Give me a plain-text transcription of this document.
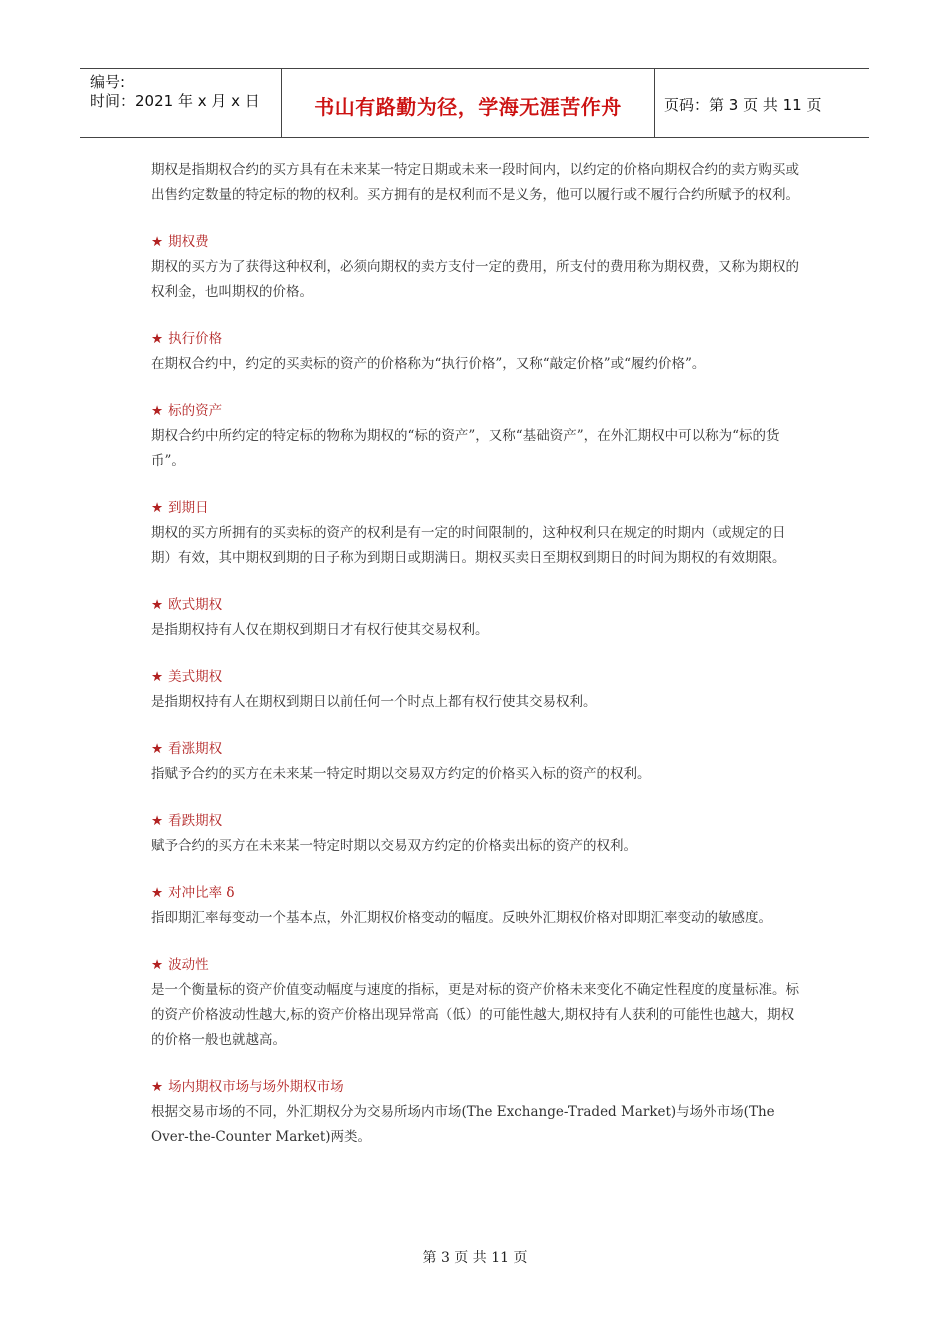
编号:
时间：2021 年 x 月 x 日	书山有路勤为径，学海无涯苦作舟	页码：第 3 页 共 11 页

期权是指期权合约的买方具有在未来某一特定日期或未来一段时间内，以约定的价格向期权合约的卖方购买或出售约定数量的特定标的物的权利。买方拥有的是权利而不是义务，他可以履行或不履行合约所赋予的权利。

★ 期权费

期权的买方为了获得这种权利，必须向期权的卖方支付一定的费用，所支付的费用称为期权费，又称为期权的权利金，也叫期权的价格。

★ 执行价格

在期权合约中，约定的买卖标的资产的价格称为“执行价格”，又称“敲定价格”或“履约价格”。

★ 标的资产

期权合约中所约定的特定标的物称为期权的“标的资产”，又称“基础资产”，在外汇期权中可以称为“标的货币”。

★ 到期日

期权的买方所拥有的买卖标的资产的权利是有一定的时间限制的，这种权利只在规定的时期内（或规定的日期）有效，其中期权到期的日子称为到期日或期满日。期权买卖日至期权到期日的时间为期权的有效期限。

★ 欧式期权

是指期权持有人仅在期权到期日才有权行使其交易权利。

★ 美式期权

是指期权持有人在期权到期日以前任何一个时点上都有权行使其交易权利。

★ 看涨期权

指赋予合约的买方在未来某一特定时期以交易双方约定的价格买入标的资产的权利。

★ 看跌期权

赋予合约的买方在未来某一特定时期以交易双方约定的价格卖出标的资产的权利。

★ 对冲比率 δ

指即期汇率每变动一个基本点，外汇期权价格变动的幅度。反映外汇期权价格对即期汇率变动的敏感度。

★ 波动性

是一个衡量标的资产价值变动幅度与速度的指标，更是对标的资产价格未来变化不确定性程度的度量标准。标的资产价格波动性越大,标的资产价格出现异常高（低）的可能性越大,期权持有人获利的可能性也越大，期权的价格一般也就越高。

★ 场内期权市场与场外期权市场

根据交易市场的不同，外汇期权分为交易所场内市场(The Exchange-Traded Market)与场外市场(The Over-the-Counter Market)两类。

第 3 页 共 11 页
